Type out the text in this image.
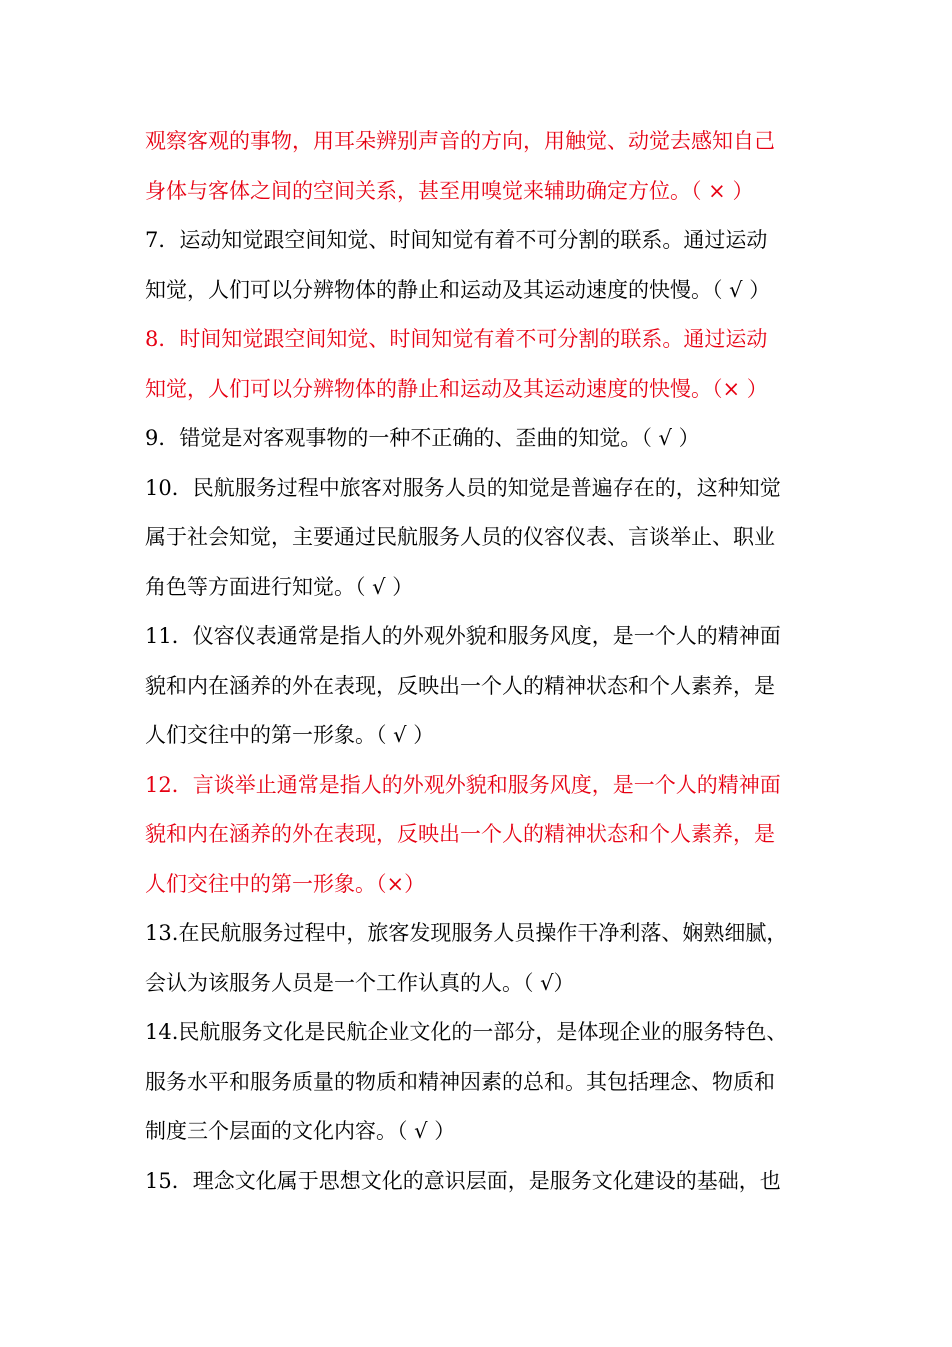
观察客观的事物，用耳朵辨别声音的方向，用触觉、动觉去感知自己
身体与客体之间的空间关系，甚至用嗅觉来辅助确定方位。（ × ）
7．运动知觉跟空间知觉、时间知觉有着不可分割的联系。通过运动
知觉，人们可以分辨物体的静止和运动及其运动速度的快慢。（ √ ）
8．时间知觉跟空间知觉、时间知觉有着不可分割的联系。通过运动
知觉，人们可以分辨物体的静止和运动及其运动速度的快慢。（× ）
9．错觉是对客观事物的一种不正确的、歪曲的知觉。（ √ ）
10．民航服务过程中旅客对服务人员的知觉是普遍存在的，这种知觉
属于社会知觉，主要通过民航服务人员的仪容仪表、言谈举止、职业
角色等方面进行知觉。（ √ ）
11．仪容仪表通常是指人的外观外貌和服务风度，是一个人的精神面
貌和内在涵养的外在表现，反映出一个人的精神状态和个人素养，是
人们交往中的第一形象。（ √ ）
12．言谈举止通常是指人的外观外貌和服务风度，是一个人的精神面
貌和内在涵养的外在表现，反映出一个人的精神状态和个人素养，是
人们交往中的第一形象。（×）
13.在民航服务过程中，旅客发现服务人员操作干净利落、娴熟细腻，
会认为该服务人员是一个工作认真的人。（ √）
14.民航服务文化是民航企业文化的一部分，是体现企业的服务特色、
服务水平和服务质量的物质和精神因素的总和。其包括理念、物质和
制度三个层面的文化内容。（ √ ）
15．理念文化属于思想文化的意识层面，是服务文化建设的基础，也
